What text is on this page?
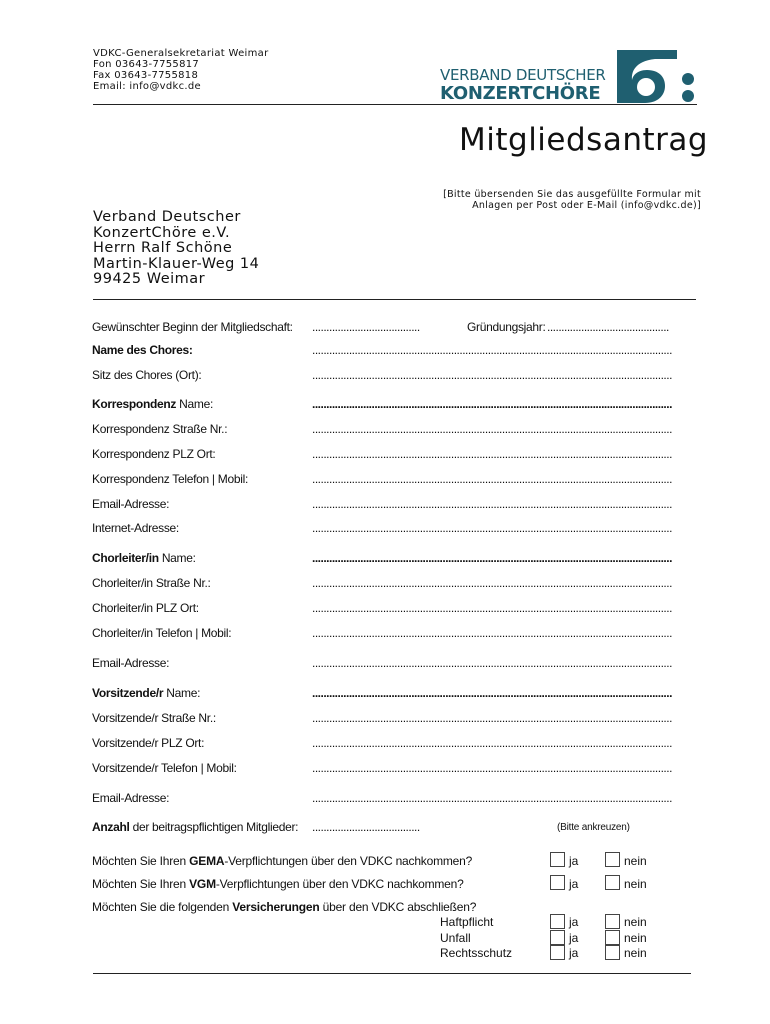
VDKC-Generalsekretariat Weimar
Fon 03643-7755817
Fax 03643-7755818
Email: info@vdkc.de
VERBAND DEUTSCHER
KONZERTCHÖRE
Mitgliedsantrag
[Bitte übersenden Sie das ausgefüllte Formular mit
Anlagen per Post oder E-Mail (info@vdkc.de)]
Verband Deutscher
KonzertChöre e.V.
Herrn Ralf Schöne
Martin-Klauer-Weg 14
99425 Weimar
Gewünschter Beginn der Mitgliedschaft: ......................................	Gründungsjahr: ...........................................
Name des Chores:	...............................................................................................................................
Sitz des Chores (Ort):	...............................................................................................................................
Korrespondenz Name:	...............................................................................................................................
Korrespondenz Straße Nr.:	...............................................................................................................................
Korrespondenz PLZ Ort:	...............................................................................................................................
Korrespondenz Telefon | Mobil:	...............................................................................................................................
Email-Adresse:	...............................................................................................................................
Internet-Adresse:	...............................................................................................................................
Chorleiter/in Name:	...............................................................................................................................
Chorleiter/in Straße Nr.:	...............................................................................................................................
Chorleiter/in PLZ Ort:	...............................................................................................................................
Chorleiter/in Telefon | Mobil:	...............................................................................................................................
Email-Adresse:	...............................................................................................................................
Vorsitzende/r Name:	...............................................................................................................................
Vorsitzende/r Straße Nr.:	...............................................................................................................................
Vorsitzende/r PLZ Ort:	...............................................................................................................................
Vorsitzende/r Telefon | Mobil:	...............................................................................................................................
Email-Adresse:	...............................................................................................................................
Anzahl der beitragspflichtigen Mitglieder: ......................................	(Bitte ankreuzen)
Möchten Sie Ihren GEMA-Verpflichtungen über den VDKC nachkommen?	ja	nein
Möchten Sie Ihren VGM-Verpflichtungen über den VDKC nachkommen?	ja	nein
Möchten Sie die folgenden Versicherungen über den VDKC abschließen?
Haftpflicht	ja	nein
Unfall	ja	nein
Rechtsschutz	ja	nein
